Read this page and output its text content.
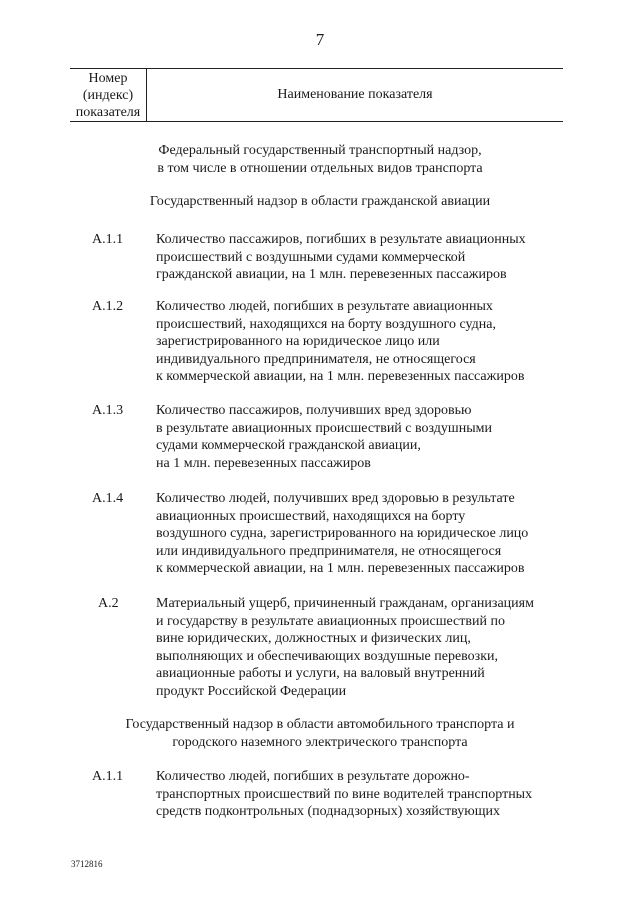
7
Номер
(индекс)
показателя
Наименование показателя
Федеральный государственный транспортный надзор,
в том числе в отношении отдельных видов транспорта
Государственный надзор в области гражданской авиации
А.1.1 Количество пассажиров, погибших в результате авиационных
происшествий с воздушными судами коммерческой
гражданской авиации, на 1 млн. перевезенных пассажиров
А.1.2 Количество людей, погибших в результате авиационных
происшествий, находящихся на борту воздушного судна,
зарегистрированного на юридическое лицо или
индивидуального предпринимателя, не относящегося
к коммерческой авиации, на 1 млн. перевезенных пассажиров
А.1.3 Количество пассажиров, получивших вред здоровью
в результате авиационных происшествий с воздушными
судами коммерческой гражданской авиации,
на 1 млн. перевезенных пассажиров
А.1.4 Количество людей, получивших вред здоровью в результате
авиационных происшествий, находящихся на борту
воздушного судна, зарегистрированного на юридическое лицо
или индивидуального предпринимателя, не относящегося
к коммерческой авиации, на 1 млн. перевезенных пассажиров
А.2	Материальный ущерб, причиненный гражданам, организациям
и государству в результате авиационных происшествий по
вине юридических, должностных и физических лиц,
выполняющих и обеспечивающих воздушные перевозки,
авиационные работы и услуги, на валовый внутренний
продукт Российской Федерации
Государственный надзор в области автомобильного транспорта и
городского наземного электрического транспорта
А.1.1 Количество людей, погибших в результате дорожно-
транспортных происшествий по вине водителей транспортных
средств подконтрольных (поднадзорных) хозяйствующих
3712816
